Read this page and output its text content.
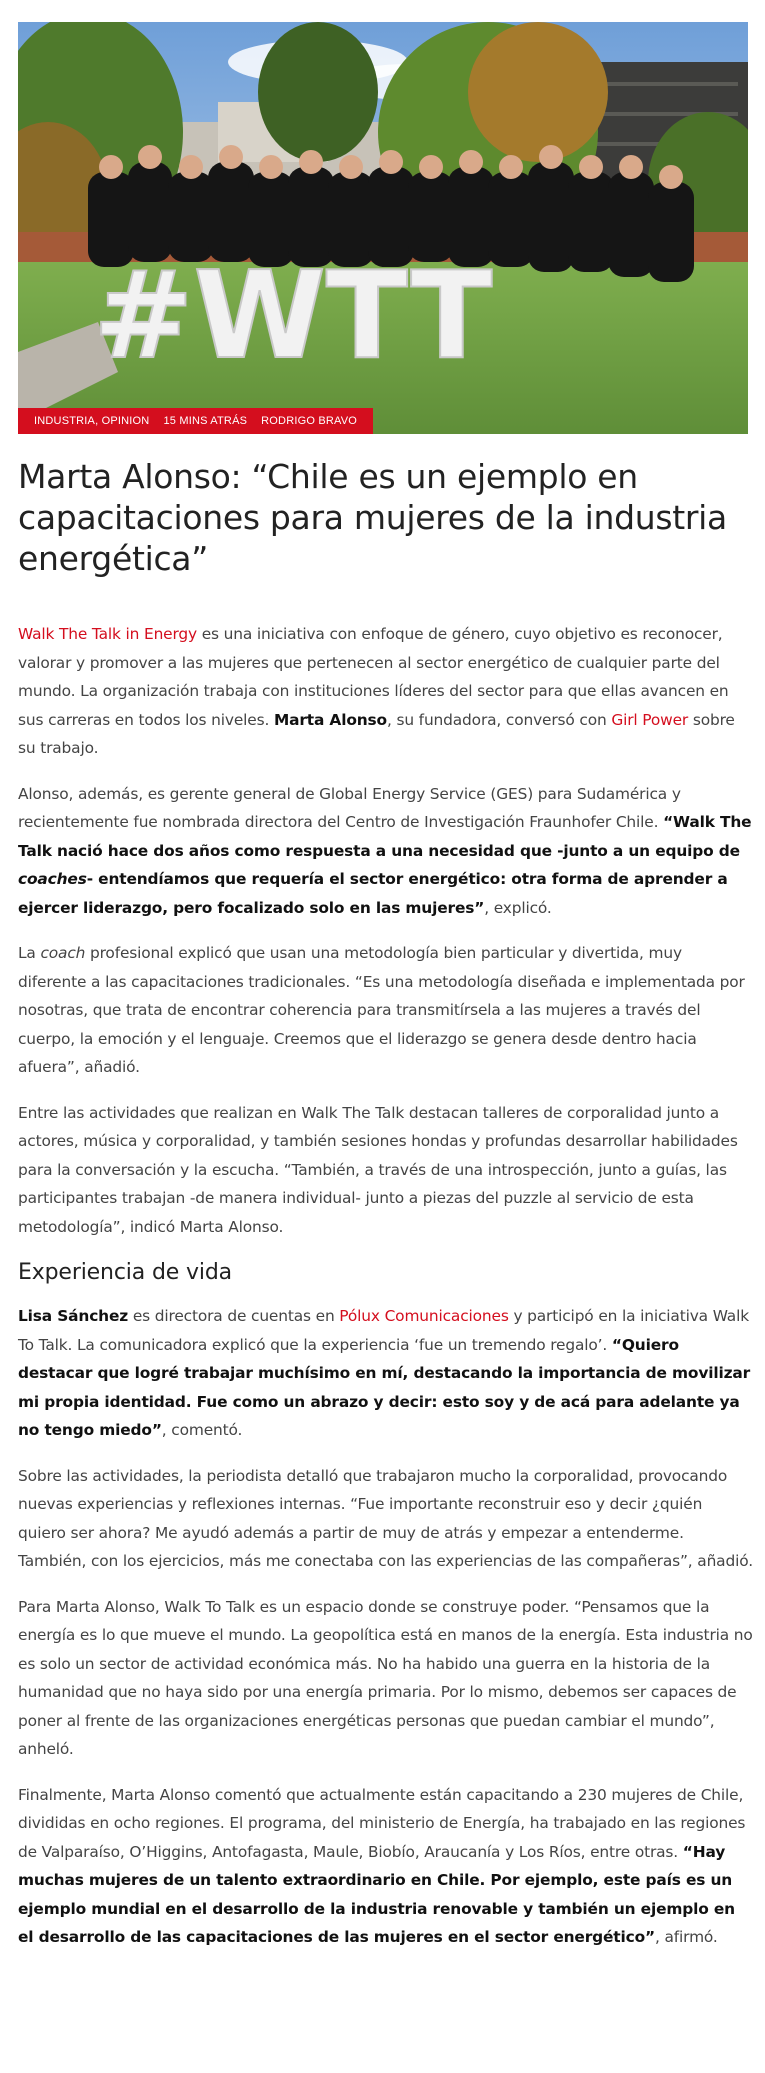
#WTT
INDUSTRIA, OPINION 15 MINS ATRÁS RODRIGO BRAVO
Marta Alonso: “Chile es un ejemplo en capacitaciones para mujeres de la industria energética”

Walk The Talk in Energy es una iniciativa con enfoque de género, cuyo objetivo es reconocer, valorar y promover a las mujeres que pertenecen al sector energético de cualquier parte del mundo. La organización trabaja con instituciones líderes del sector para que ellas avancen en sus carreras en todos los niveles. Marta Alonso, su fundadora, conversó con Girl Power sobre su trabajo.

Alonso, además, es gerente general de Global Energy Service (GES) para Sudamérica y recientemente fue nombrada directora del Centro de Investigación Fraunhofer Chile. “Walk The Talk nació hace dos años como respuesta a una necesidad que -junto a un equipo de coaches- entendíamos que requería el sector energético: otra forma de aprender a ejercer liderazgo, pero focalizado solo en las mujeres”, explicó.

La coach profesional explicó que usan una metodología bien particular y divertida, muy diferente a las capacitaciones tradicionales. “Es una metodología diseñada e implementada por nosotras, que trata de encontrar coherencia para transmitírsela a las mujeres a través del cuerpo, la emoción y el lenguaje. Creemos que el liderazgo se genera desde dentro hacia afuera”, añadió.

Entre las actividades que realizan en Walk The Talk destacan talleres de corporalidad junto a actores, música y corporalidad, y también sesiones hondas y profundas desarrollar habilidades para la conversación y la escucha. “También, a través de una introspección, junto a guías, las participantes trabajan -de manera individual- junto a piezas del puzzle al servicio de esta metodología”, indicó Marta Alonso.

Experiencia de vida

Lisa Sánchez es directora de cuentas en Pólux Comunicaciones y participó en la iniciativa Walk To Talk. La comunicadora explicó que la experiencia ‘fue un tremendo regalo’. “Quiero destacar que logré trabajar muchísimo en mí, destacando la importancia de movilizar mi propia identidad. Fue como un abrazo y decir: esto soy y de acá para adelante ya no tengo miedo”, comentó.

Sobre las actividades, la periodista detalló que trabajaron mucho la corporalidad, provocando nuevas experiencias y reflexiones internas. “Fue importante reconstruir eso y decir ¿quién quiero ser ahora? Me ayudó además a partir de muy de atrás y empezar a entenderme. También, con los ejercicios, más me conectaba con las experiencias de las compañeras”, añadió.

Para Marta Alonso, Walk To Talk es un espacio donde se construye poder. “Pensamos que la energía es lo que mueve el mundo. La geopolítica está en manos de la energía. Esta industria no es solo un sector de actividad económica más. No ha habido una guerra en la historia de la humanidad que no haya sido por una energía primaria. Por lo mismo, debemos ser capaces de poner al frente de las organizaciones energéticas personas que puedan cambiar el mundo”, anheló.

Finalmente, Marta Alonso comentó que actualmente están capacitando a 230 mujeres de Chile, divididas en ocho regiones. El programa, del ministerio de Energía, ha trabajado en las regiones de Valparaíso, O’Higgins, Antofagasta, Maule, Biobío, Araucanía y Los Ríos, entre otras. “Hay muchas mujeres de un talento extraordinario en Chile. Por ejemplo, este país es un ejemplo mundial en el desarrollo de la industria renovable y también un ejemplo en el desarrollo de las capacitaciones de las mujeres en el sector energético”, afirmó.
